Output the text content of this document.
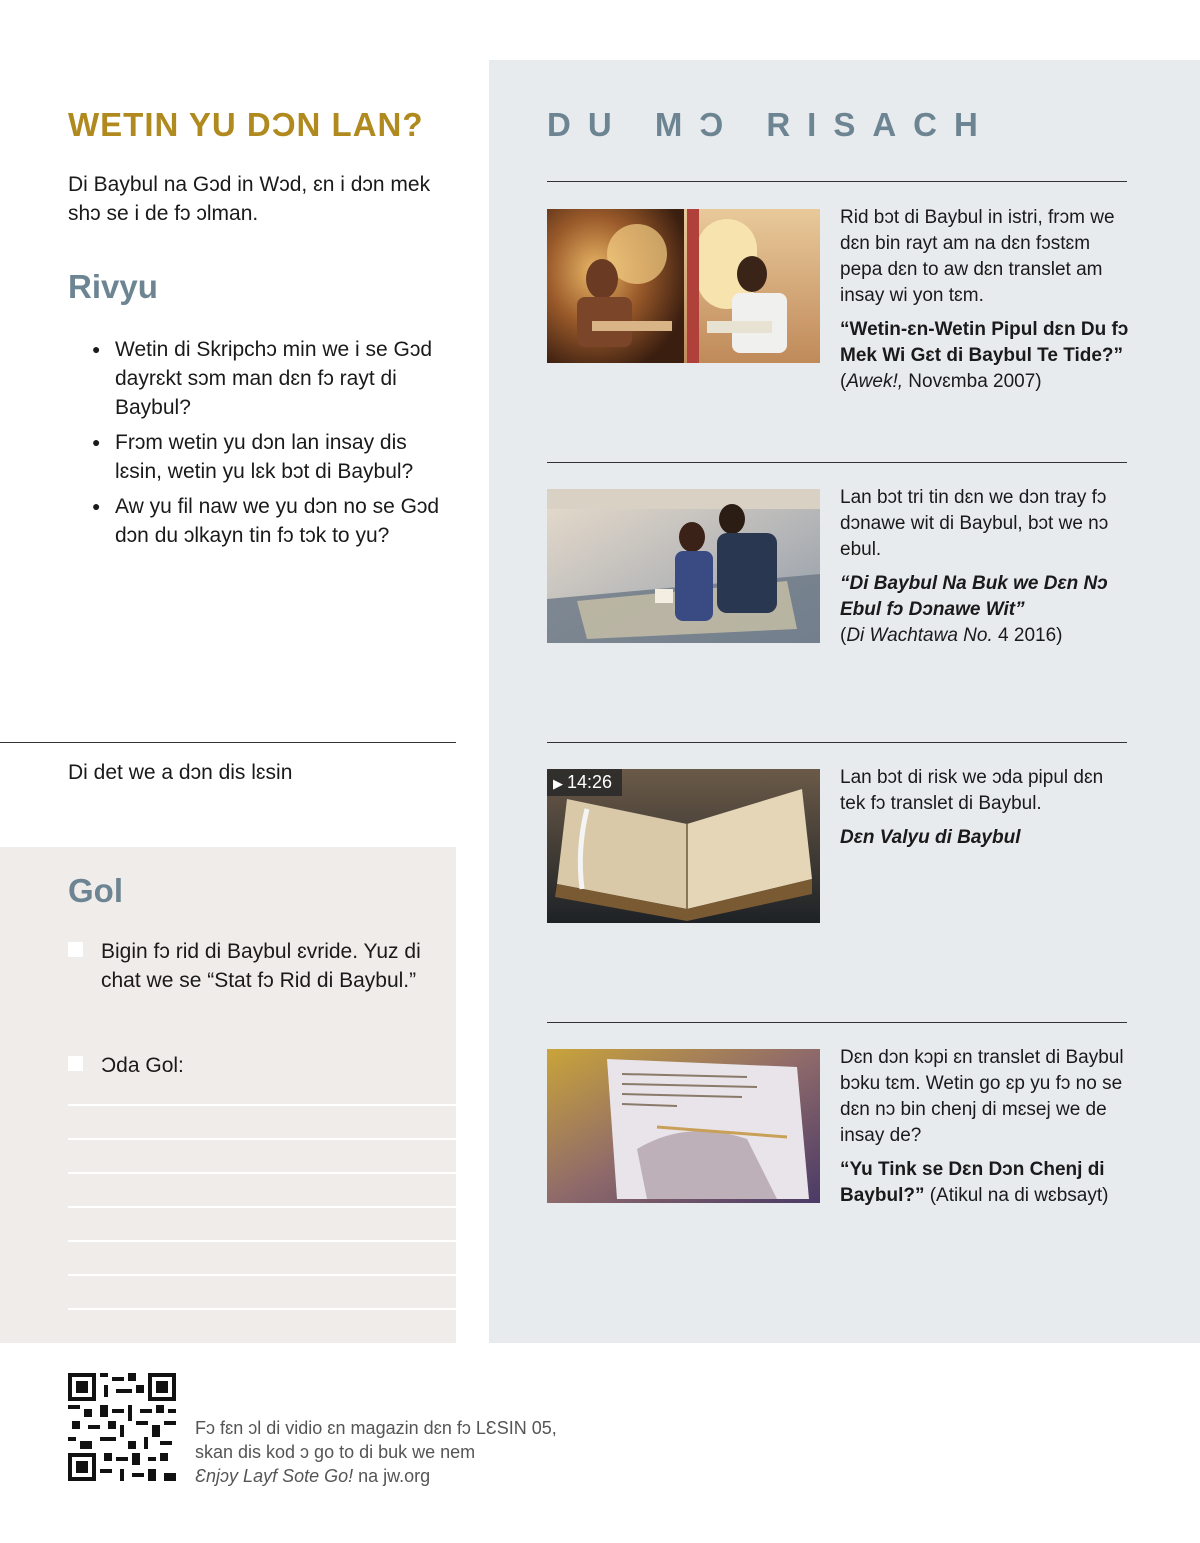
WETIN YU DƆN LAN?

Di Baybul na Gɔd in Wɔd, ɛn i dɔn mek shɔ se i de fɔ ɔlman.

Rivyu
● Wetin di Skripchɔ min we i se Gɔd dayrɛkt sɔm man dɛn fɔ rayt di Baybul?
● Frɔm wetin yu dɔn lan insay dis lɛsin, wetin yu lɛk bɔt di Baybul?
● Aw yu fil naw we yu dɔn no se Gɔd dɔn du ɔlkayn tin fɔ tɔk to yu?

Di det we a dɔn dis lɛsin

Gol
Bigin fɔ rid di Baybul ɛvride. Yuz di chat we se “Stat fɔ Rid di Baybul.”
Ɔda Gol:
DU MƆ RISACH
Rid bɔt di Baybul in istri, frɔm we dɛn bin rayt am na dɛn fɔstɛm pepa dɛn to aw dɛn translet am insay wi yon tɛm.
“Wetin-ɛn-Wetin Pipul dɛn Du fɔ Mek Wi Gɛt di Baybul Te Tide?” (Awek!, Novɛmba 2007)
Lan bɔt tri tin dɛn we dɔn tray fɔ dɔnawe wit di Baybul, bɔt we nɔ ebul.
“Di Baybul Na Buk we Dɛn Nɔ Ebul fɔ Dɔnawe Wit”
(Di Wachtawa No. 4 2016)
▶ 14:26	Lan bɔt di risk we ɔda pipul dɛn tek fɔ translet di Baybul.
Dɛn Valyu di Baybul
Dɛn dɔn kɔpi ɛn translet di Baybul bɔku tɛm. Wetin go ɛp yu fɔ no se dɛn nɔ bin chenj di mɛsej we de insay de?
“Yu Tink se Dɛn Dɔn Chenj di Baybul?” (Atikul na di wɛbsayt)
Fɔ fɛn ɔl di vidio ɛn magazin dɛn fɔ LƐSIN 05,
skan dis kod ɔ go to di buk we nem
Ɛnjɔy Layf Sote Go! na jw.org
